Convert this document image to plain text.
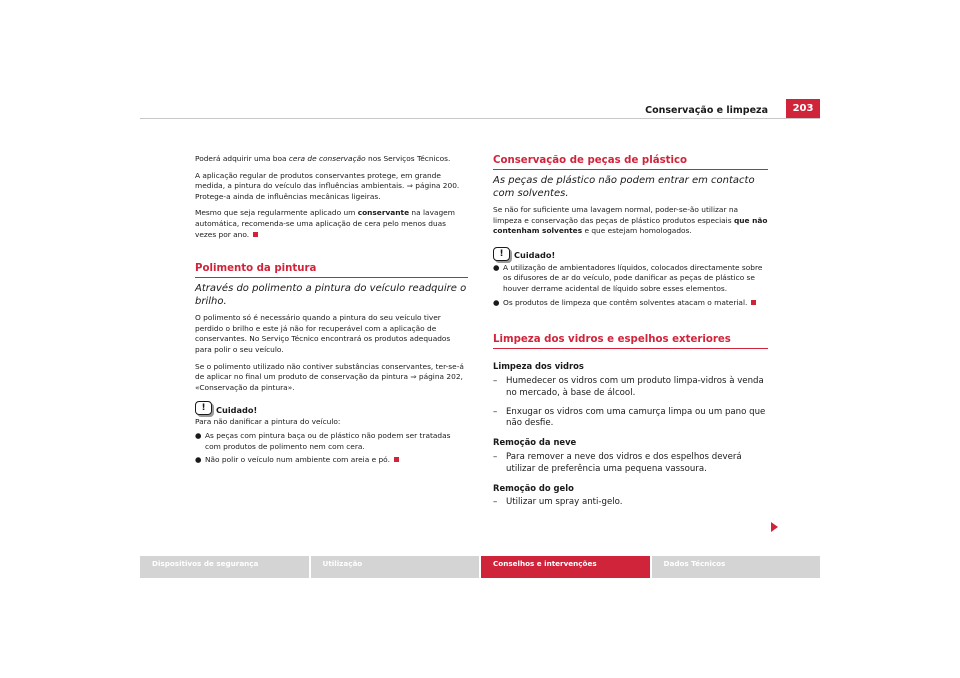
Conservação e limpeza	203

Poderá adquirir uma boa cera de conservação nos Serviços Técnicos.

A aplicação regular de produtos conservantes protege, em grande medida, a pintura do veículo das influências ambientais. ⇒ página 200. Protege-a ainda de influências mecânicas ligeiras.

Mesmo que seja regularmente aplicado um conservante na lavagem automática, recomenda-se uma aplicação de cera pelo menos duas vezes por ano.

Polimento da pintura
Através do polimento a pintura do veículo readquire o brilho.

O polimento só é necessário quando a pintura do seu veículo tiver perdido o brilho e este já não for recuperável com a aplicação de conservantes. No Serviço Técnico encontrará os produtos adequados para polir o seu veículo.

Se o polimento utilizado não contiver substâncias conservantes, ter-se-á de aplicar no final um produto de conservação da pintura ⇒ página 202, «Conservação da pintura».

!	Cuidado!

Para não danificar a pintura do veículo:

● As peças com pintura baça ou de plástico não podem ser tratadas com produtos de polimento nem com cera.
● Não polir o veículo num ambiente com areia e pó.
Conservação de peças de plástico
As peças de plástico não podem entrar em contacto com solventes.

Se não for suficiente uma lavagem normal, poder-se-ão utilizar na limpeza e conservação das peças de plástico produtos especiais que não contenham solventes e que estejam homologados.

!	Cuidado!
● A utilização de ambientadores líquidos, colocados directamente sobre os difusores de ar do veículo, pode danificar as peças de plástico se houver derrame acidental de líquido sobre esses elementos.
● Os produtos de limpeza que contêm solventes atacam o material.
Limpeza dos vidros e espelhos exteriores
Limpeza dos vidros
– Humedecer os vidros com um produto limpa-vidros à venda no mercado, à base de álcool.
– Enxugar os vidros com uma camurça limpa ou um pano que não desfie.
Remoção da neve
– Para remover a neve dos vidros e dos espelhos deverá utilizar de preferência uma pequena vassoura.
Remoção do gelo
– Utilizar um spray anti-gelo.
Dispositivos de segurança	Utilização	Conselhos e intervenções	Dados Técnicos
